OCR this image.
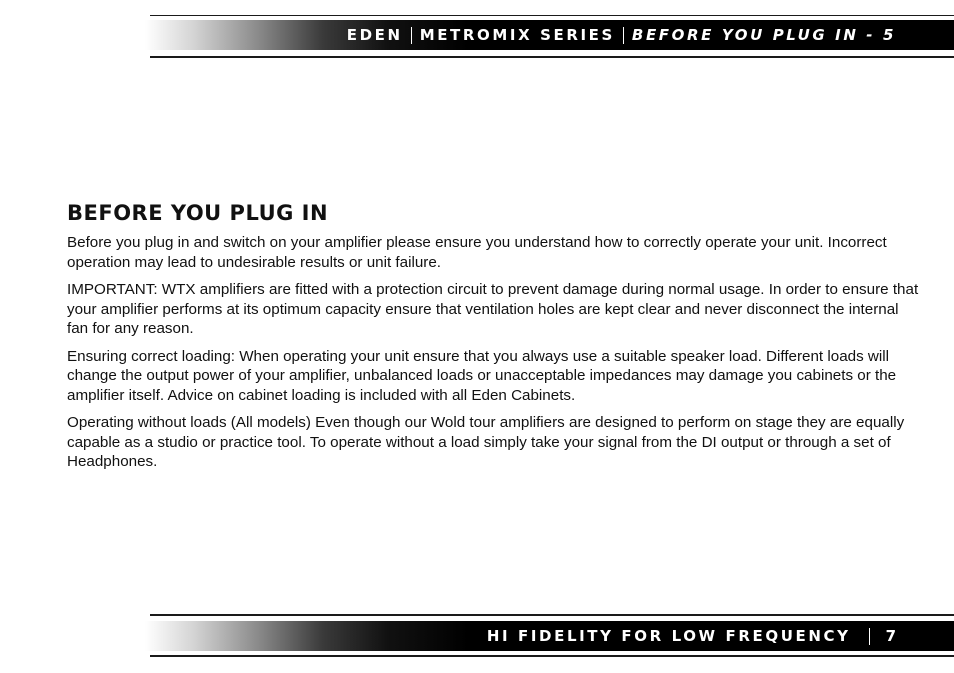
EDEN METROMIX SERIES BEFORE YOU PLUG IN - 5
BEFORE YOU PLUG IN

Before you plug in and switch on your amplifier please ensure you understand how to correctly operate your unit. Incorrect operation may lead to undesirable results or unit failure.

IMPORTANT: WTX amplifiers are fitted with a protection circuit to prevent damage during normal usage. In order to ensure that your amplifier performs at its optimum capacity ensure that ventilation holes are kept clear and never disconnect the internal fan for any reason.

Ensuring correct loading: When operating your unit ensure that you always use a suitable speaker load. Different loads will change the output power of your amplifier, unbalanced loads or unacceptable impedances may damage you cabinets or the amplifier itself. Advice on cabinet loading is included with all Eden Cabinets.

Operating without loads (All models) Even though our Wold tour amplifiers are designed to perform on stage they are equally capable as a studio or practice tool. To operate without a load simply take your signal from the DI output or through a set of Headphones.

HI FIDELITY FOR LOW FREQUENCY 7
